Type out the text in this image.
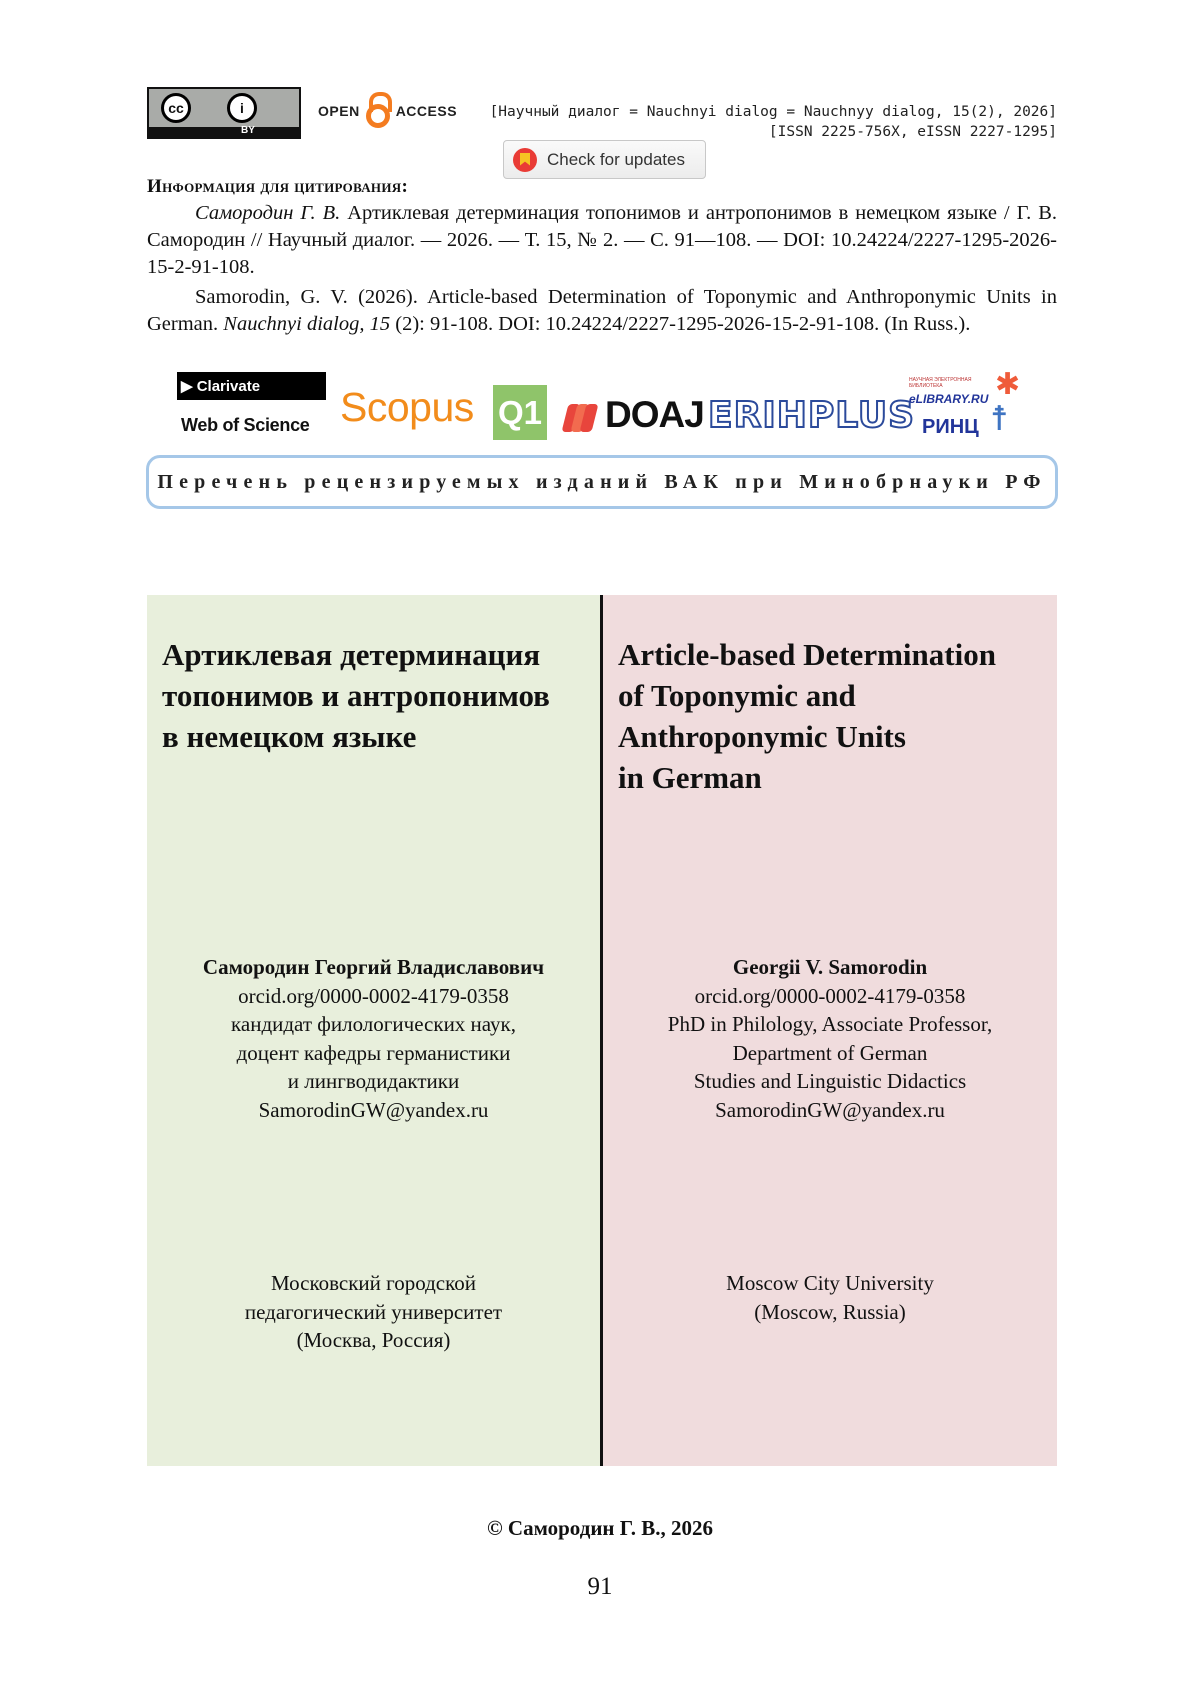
cc	i
BY
OPEN	ACCESS [Научный диалог = Nauchnyi dialog = Nauchnyy dialog, 15(2), 2026]
[ISSN 2225-756X, eISSN 2227-1295]
Check for updates
Информация для цитирования:

Самородин Г. В. Артиклевая детерминация топонимов и антропонимов в немецком языке / Г. В. Самородин // Научный диалог. — 2026. — Т. 15, № 2. — С. 91—108. — DOI: 10.24224/2227-1295-2026-15-2-91-108.

Samorodin, G. V. (2026). Article-based Determination of Toponymic and Anthroponymic Units in German. Nauchnyi dialog, 15 (2): 91-108. DOI: 10.24224/2227-1295-2026-15-2-91-108. (In Russ.).

▶ Clarivate
Web of Science Scopus Q1 DOAJ ERIHPLUS
НАУЧНАЯ ЭЛЕКТРОННАЯ БИБЛИОТЕКА
eLIBRARY.RU
РИНЦ
✱
☨
Перечень рецензируемых изданий ВАК при Минобрнауки РФ
Артиклевая детерминация
топонимов и антропонимов
в немецком языке
Самородин Георгий Владиславович
orcid.org/0000-0002-4179-0358
кандидат филологических наук,
доцент кафедры германистики
и лингводидактики
SamorodinGW@yandex.ru
Московский городской
педагогический университет
(Москва, Россия)
Article-based Determination
of Toponymic and
Anthroponymic Units
in German
Georgii V. Samorodin
orcid.org/0000-0002-4179-0358
PhD in Philology, Associate Professor,
Department of German
Studies and Linguistic Didactics
SamorodinGW@yandex.ru
Moscow City University
(Moscow, Russia)
© Самородин Г. В., 2026
91
